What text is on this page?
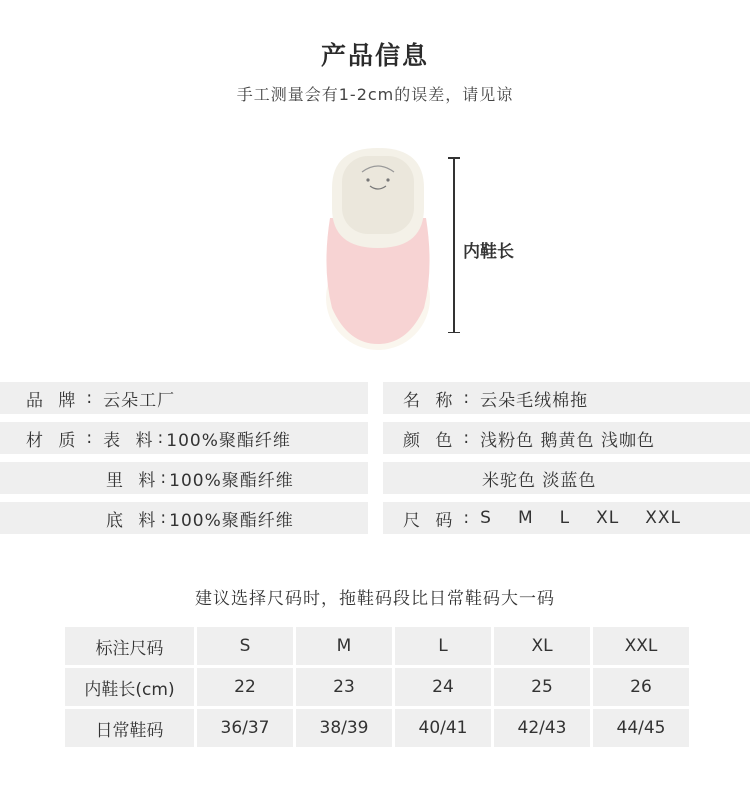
产品信息
手工测量会有1-2cm的误差，请见谅
内鞋长
品 牌 : 云朵工厂
材 质 : 表 料 : 100%聚酯纤维
里 料 : 100%聚酯纤维
底 料 : 100%聚酯纤维
名 称 : 云朵毛绒棉拖
颜 色 : 浅粉色 鹅黄色 浅咖色
米驼色 淡蓝色
尺 码 : S M L XL XXL
建议选择尺码时，拖鞋码段比日常鞋码大一码
标注尺码	S	M	L	XL	XXL
内鞋长(cm)	22	23	24	25	26
日常鞋码	36/37	38/39	40/41	42/43	44/45
